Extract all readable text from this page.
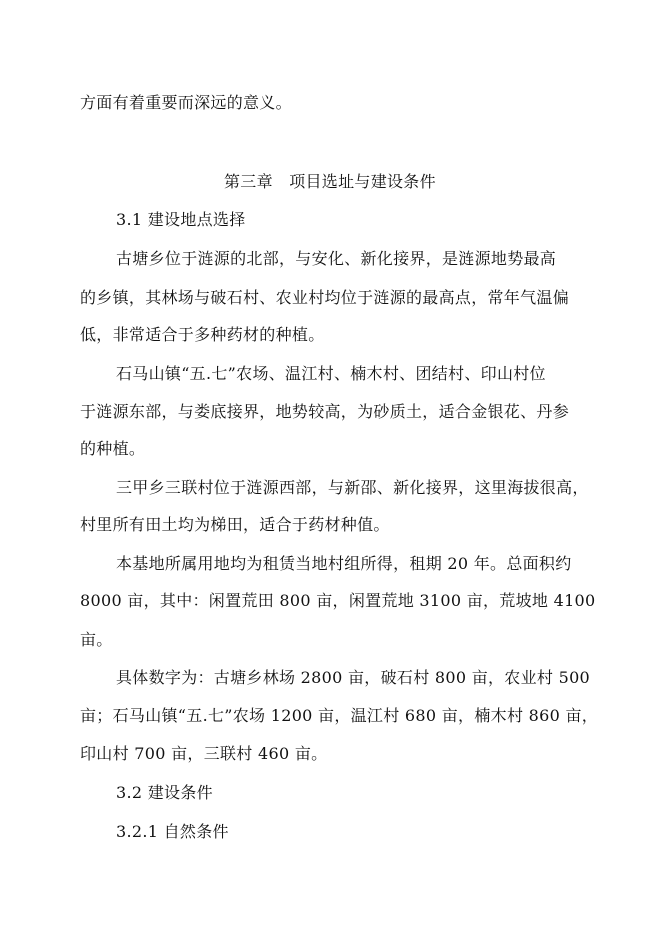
方面有着重要而深远的意义。
第三章　项目选址与建设条件
3.1 建设地点选择
古塘乡位于涟源的北部，与安化、新化接界，是涟源地势最高
的乡镇，其林场与破石村、农业村均位于涟源的最高点，常年气温偏
低，非常适合于多种药材的种植。
石马山镇“五.七”农场、温江村、楠木村、团结村、印山村位
于涟源东部，与娄底接界，地势较高，为砂质土，适合金银花、丹参
的种植。
三甲乡三联村位于涟源西部，与新邵、新化接界，这里海拔很高，
村里所有田土均为梯田，适合于药材种值。
本基地所属用地均为租赁当地村组所得，租期 20 年。总面积约
8000 亩，其中：闲置荒田 800 亩，闲置荒地 3100 亩，荒坡地 4100
亩。
具体数字为：古塘乡林场 2800 亩，破石村 800 亩，农业村 500
亩；石马山镇“五.七”农场 1200 亩，温江村 680 亩，楠木村 860 亩，
印山村 700 亩，三联村 460 亩。
3.2 建设条件
3.2.1 自然条件
